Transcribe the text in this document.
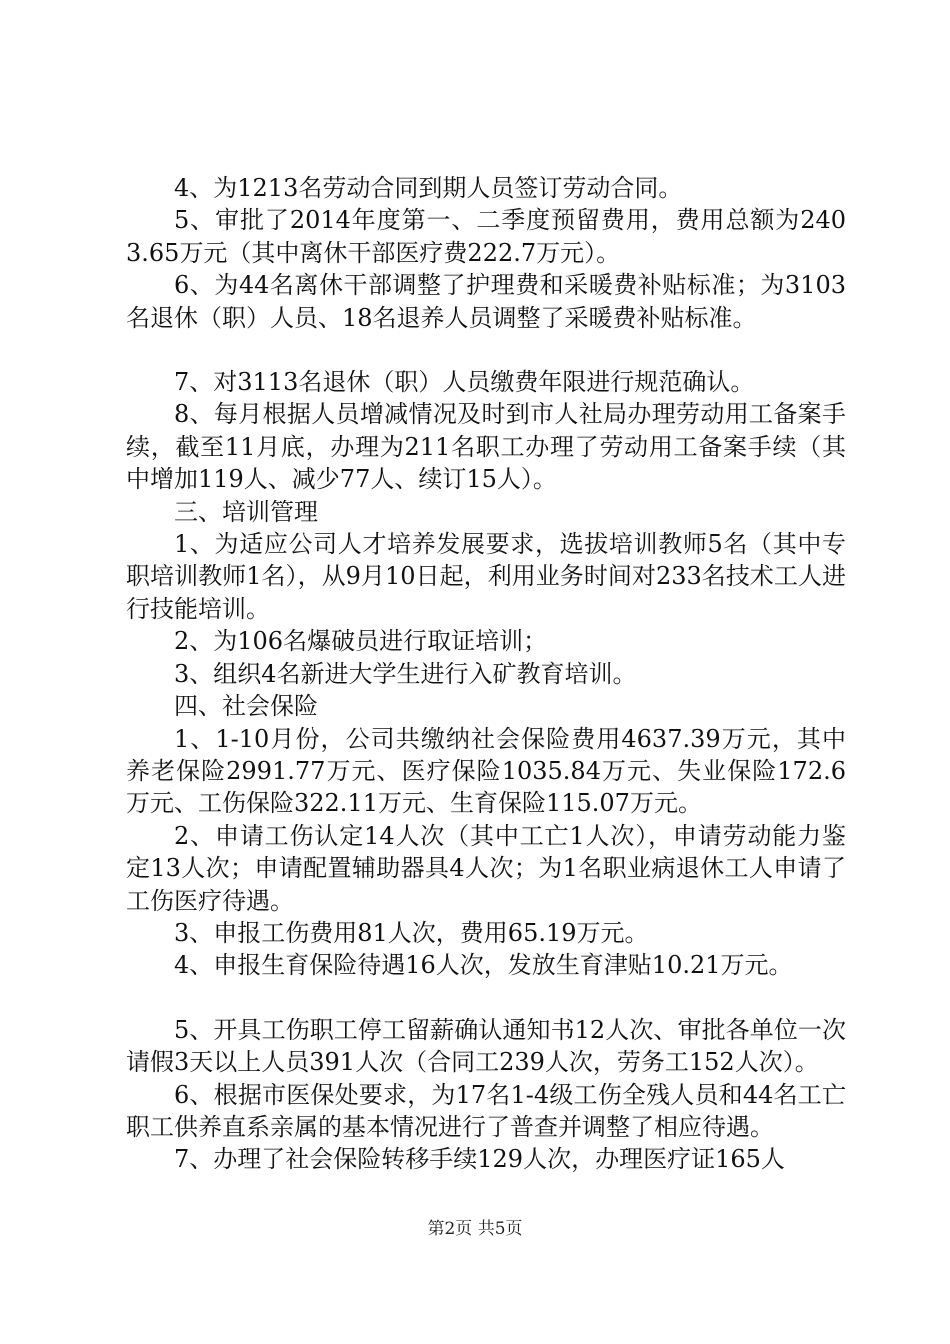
4、为1213名劳动合同到期人员签订劳动合同。

5、审批了2014年度第一、二季度预留费用，费用总额为2403.65万元（其中离休干部医疗费222.7万元）。

6、为44名离休干部调整了护理费和采暖费补贴标准；为3103名退休（职）人员、18名退养人员调整了采暖费补贴标准。

7、对3113名退休（职）人员缴费年限进行规范确认。

8、每月根据人员增减情况及时到市人社局办理劳动用工备案手续，截至11月底，办理为211名职工办理了劳动用工备案手续（其中增加119人、减少77人、续订15人）。

三、培训管理

1、为适应公司人才培养发展要求，选拔培训教师5名（其中专职培训教师1名），从9月10日起，利用业务时间对233名技术工人进行技能培训。

2、为106名爆破员进行取证培训；

3、组织4名新进大学生进行入矿教育培训。

四、社会保险

1、1-10月份，公司共缴纳社会保险费用4637.39万元，其中养老保险2991.77万元、医疗保险1035.84万元、失业保险172.6万元、工伤保险322.11万元、生育保险115.07万元。

2、申请工伤认定14人次（其中工亡1人次），申请劳动能力鉴定13人次；申请配置辅助器具4人次；为1名职业病退休工人申请了工伤医疗待遇。

3、申报工伤费用81人次，费用65.19万元。

4、申报生育保险待遇16人次，发放生育津贴10.21万元。

5、开具工伤职工停工留薪确认通知书12人次、审批各单位一次请假3天以上人员391人次（合同工239人次，劳务工152人次）。

6、根据市医保处要求，为17名1-4级工伤全残人员和44名工亡职工供养直系亲属的基本情况进行了普查并调整了相应待遇。

7、办理了社会保险转移手续129人次，办理医疗证165人

第2页 共5页
